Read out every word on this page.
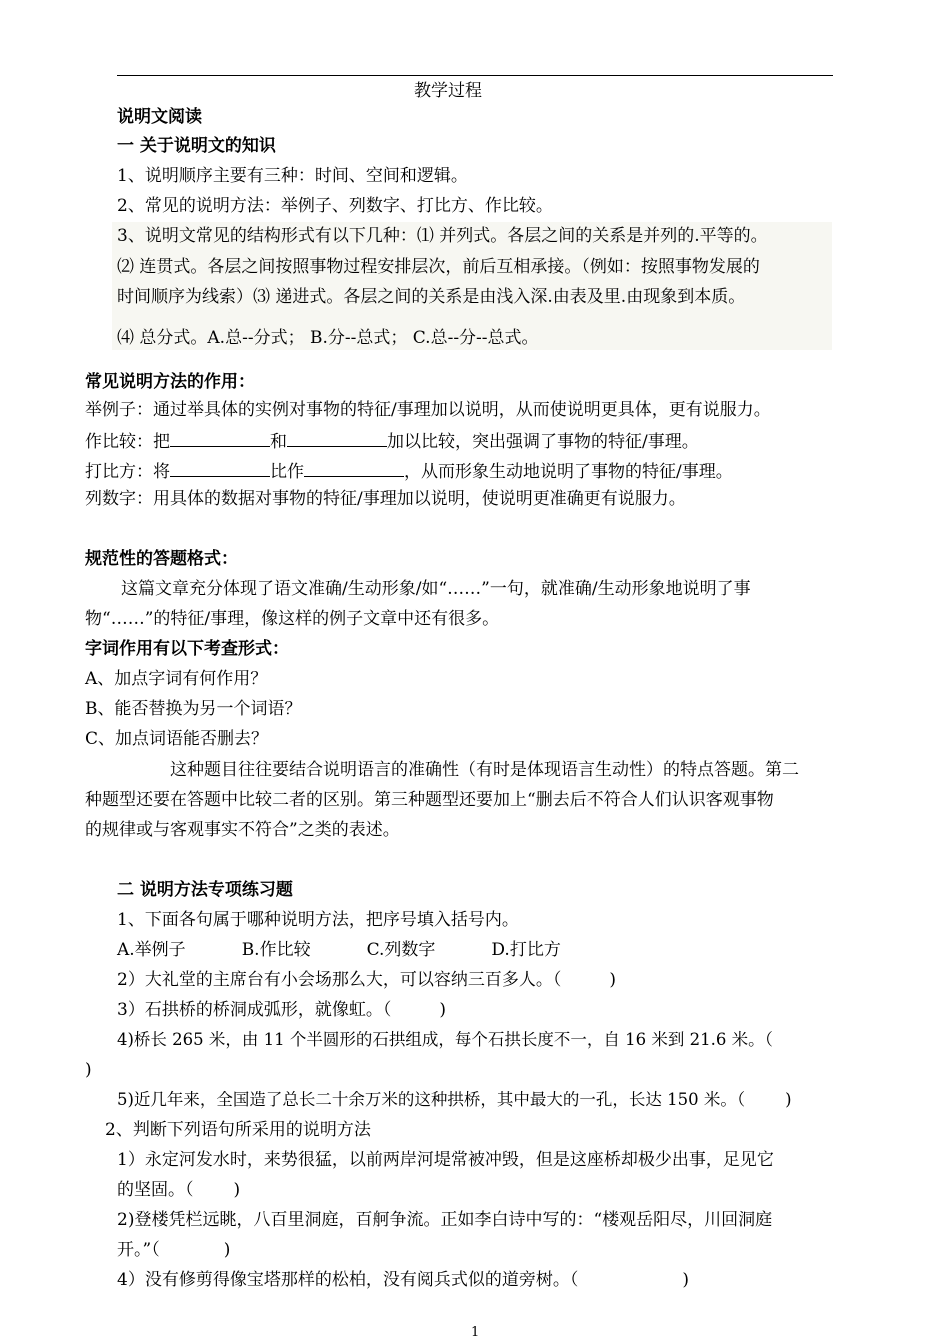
教学过程
说明文阅读
一 关于说明文的知识
1、说明顺序主要有三种：时间、空间和逻辑。
2、常见的说明方法：举例子、列数字、打比方、作比较。
3、说明文常见的结构形式有以下几种：⑴ 并列式。各层之间的关系是并列的.平等的。
⑵ 连贯式。各层之间按照事物过程安排层次，前后互相承接。（例如：按照事物发展的
时间顺序为线索）⑶ 递进式。各层之间的关系是由浅入深.由表及里.由现象到本质。
⑷ 总分式。A.总--分式； B.分--总式； C.总--分--总式。
常见说明方法的作用：
举例子：通过举具体的实例对事物的特征/事理加以说明，从而使说明更具体，更有说服力。
作比较：把	和	加以比较，突出强调了事物的特征/事理。
打比方：将	比作	，从而形象生动地说明了事物的特征/事理。
列数字：用具体的数据对事物的特征/事理加以说明，使说明更准确更有说服力。
规范性的答题格式：
这篇文章充分体现了语文准确/生动形象/如“……”一句，就准确/生动形象地说明了事
物“……”的特征/事理，像这样的例子文章中还有很多。
字词作用有以下考查形式：
A、加点字词有何作用？
B、能否替换为另一个词语？
C、加点词语能否删去？
这种题目往往要结合说明语言的准确性（有时是体现语言生动性）的特点答题。第二
种题型还要在答题中比较二者的区别。第三种题型还要加上“删去后不符合人们认识客观事物
的规律或与客观事实不符合”之类的表述。
二 说明方法专项练习题
1、下面各句属于哪种说明方法，把序号填入括号内。
A.举例子	B.作比较	C.列数字	D.打比方
2）大礼堂的主席台有小会场那么大，可以容纳三百多人。（	)
3）石拱桥的桥洞成弧形，就像虹。（	)
4)桥长 265 米，由 11 个半圆形的石拱组成，每个石拱长度不一，自 16 米到 21.6 米。（
)
5)近几年来，全国造了总长二十余万米的这种拱桥，其中最大的一孔，长达 150 米。（ )
2、判断下列语句所采用的说明方法
1）永定河发水时，来势很猛，以前两岸河堤常被冲毁，但是这座桥却极少出事，足见它
的坚固。（ )
2)登楼凭栏远眺，八百里洞庭，百舸争流。正如李白诗中写的：“楼观岳阳尽，川回洞庭
开。”（	)
4）没有修剪得像宝塔那样的松柏，没有阅兵式似的道旁树。（	)
1
